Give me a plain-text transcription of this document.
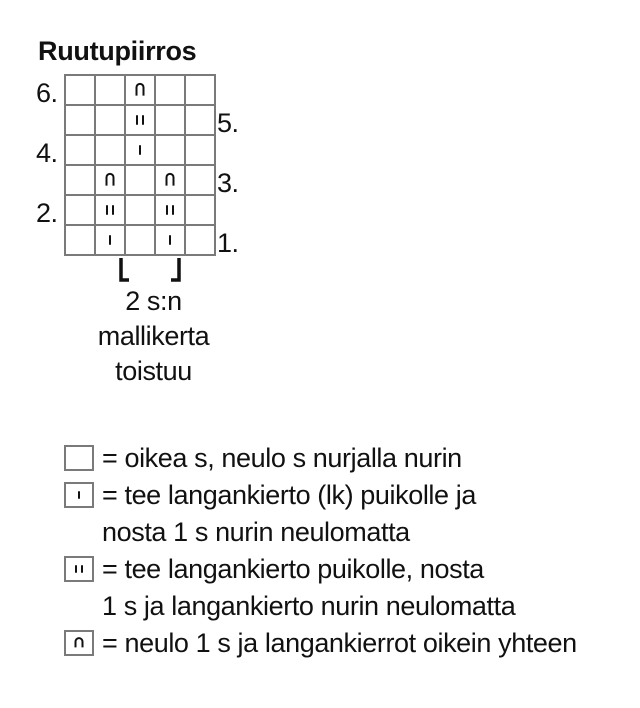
Ruutupiirros
6.
5.
4.
3.
2.
1.
2 s:n
mallikerta
toistuu
= oikea s, neulo s nurjalla nurin
= tee langankierto (lk) puikolle ja
nosta 1 s nurin neulomatta
= tee langankierto puikolle, nosta
1 s ja langankierto nurin neulomatta
= neulo 1 s ja langankierrot oikein yhteen
